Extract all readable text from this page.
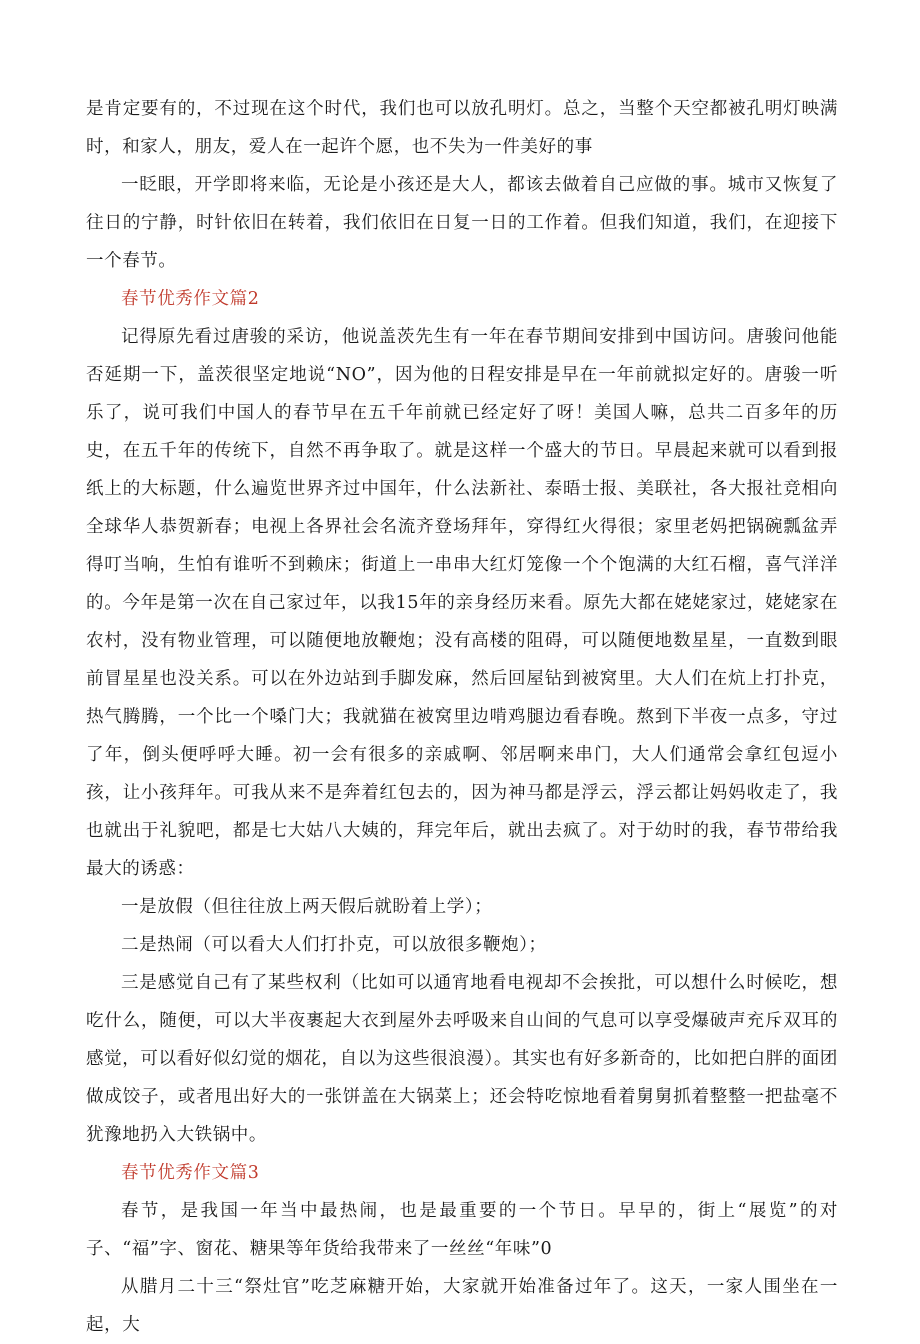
是肯定要有的，不过现在这个时代，我们也可以放孔明灯。总之，当整个天空都被孔明灯映满时，和家人，朋友，爱人在一起许个愿，也不失为一件美好的事

一眨眼，开学即将来临，无论是小孩还是大人，都该去做着自己应做的事。城市又恢复了往日的宁静，时针依旧在转着，我们依旧在日复一日的工作着。但我们知道，我们，在迎接下一个春节。

春节优秀作文篇2

记得原先看过唐骏的采访，他说盖茨先生有一年在春节期间安排到中国访问。唐骏问他能否延期一下，盖茨很坚定地说“NO”，因为他的日程安排是早在一年前就拟定好的。唐骏一听乐了，说可我们中国人的春节早在五千年前就已经定好了呀！美国人嘛，总共二百多年的历史，在五千年的传统下，自然不再争取了。就是这样一个盛大的节日。早晨起来就可以看到报纸上的大标题，什么遍览世界齐过中国年，什么法新社、泰晤士报、美联社，各大报社竞相向全球华人恭贺新春；电视上各界社会名流齐登场拜年，穿得红火得很；家里老妈把锅碗瓢盆弄得叮当响，生怕有谁听不到赖床；街道上一串串大红灯笼像一个个饱满的大红石榴，喜气洋洋的。今年是第一次在自己家过年，以我15年的亲身经历来看。原先大都在姥姥家过，姥姥家在农村，没有物业管理，可以随便地放鞭炮；没有高楼的阻碍，可以随便地数星星，一直数到眼前冒星星也没关系。可以在外边站到手脚发麻，然后回屋钻到被窝里。大人们在炕上打扑克，热气腾腾，一个比一个嗓门大；我就猫在被窝里边啃鸡腿边看春晚。熬到下半夜一点多，守过了年，倒头便呼呼大睡。初一会有很多的亲戚啊、邻居啊来串门，大人们通常会拿红包逗小孩，让小孩拜年。可我从来不是奔着红包去的，因为神马都是浮云，浮云都让妈妈收走了，我也就出于礼貌吧，都是七大姑八大姨的，拜完年后，就出去疯了。对于幼时的我，春节带给我最大的诱惑：

一是放假（但往往放上两天假后就盼着上学）；

二是热闹（可以看大人们打扑克，可以放很多鞭炮）；

三是感觉自己有了某些权利（比如可以通宵地看电视却不会挨批，可以想什么时候吃，想吃什么，随便，可以大半夜裹起大衣到屋外去呼吸来自山间的气息可以享受爆破声充斥双耳的感觉，可以看好似幻觉的烟花，自以为这些很浪漫）。其实也有好多新奇的，比如把白胖的面团做成饺子，或者甩出好大的一张饼盖在大锅菜上；还会特吃惊地看着舅舅抓着整整一把盐毫不犹豫地扔入大铁锅中。

春节优秀作文篇3

春节，是我国一年当中最热闹，也是最重要的一个节日。早早的，街上“展览”的对子、“福”字、窗花、糖果等年货给我带来了一丝丝“年味”0

从腊月二十三“祭灶官”吃芝麻糖开始，大家就开始准备过年了。这天，一家人围坐在一起，大
